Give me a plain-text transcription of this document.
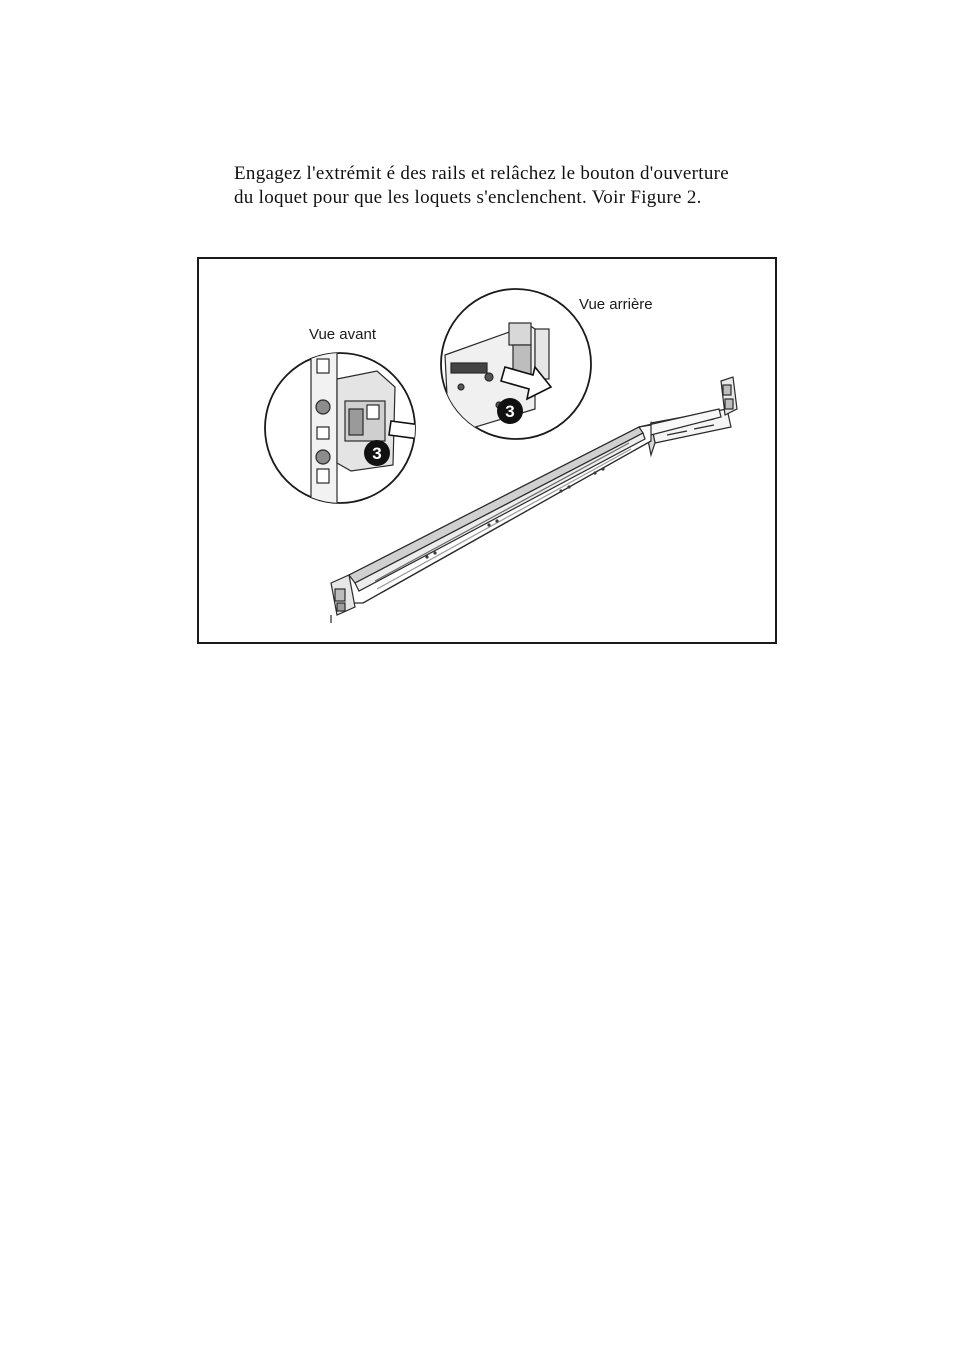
Engagez l'extrémit é des rails et relâchez le bouton d'ouverture
du loquet pour que les loquets s'enclenchent. Voir Figure 2.

3
Vue avant
3
Vue arrière
